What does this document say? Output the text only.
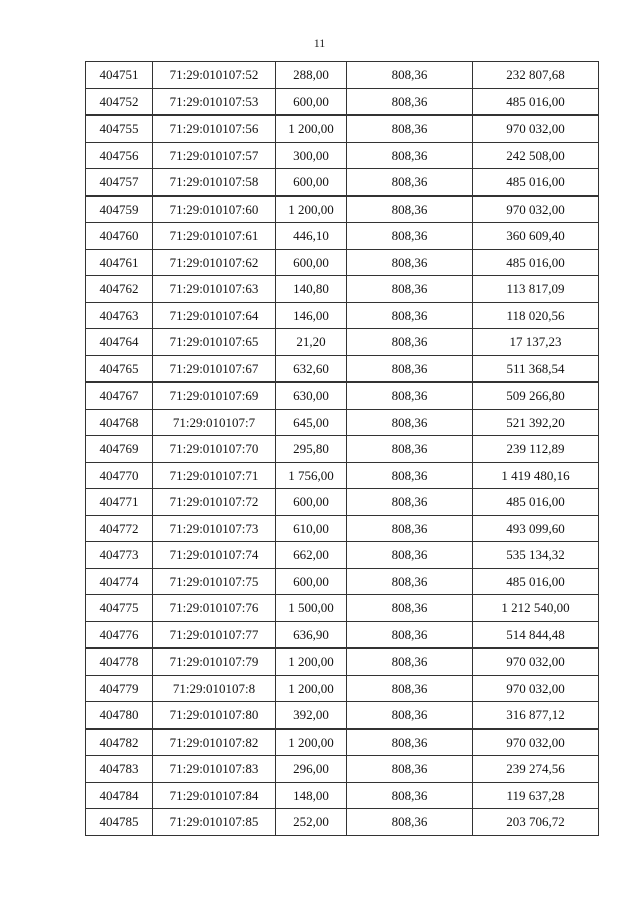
11
404751	71:29:010107:52	288,00	808,36	232 807,68
404752	71:29:010107:53	600,00	808,36	485 016,00
404755	71:29:010107:56	1 200,00	808,36	970 032,00
404756	71:29:010107:57	300,00	808,36	242 508,00
404757	71:29:010107:58	600,00	808,36	485 016,00
404759	71:29:010107:60	1 200,00	808,36	970 032,00
404760	71:29:010107:61	446,10	808,36	360 609,40
404761	71:29:010107:62	600,00	808,36	485 016,00
404762	71:29:010107:63	140,80	808,36	113 817,09
404763	71:29:010107:64	146,00	808,36	118 020,56
404764	71:29:010107:65	21,20	808,36	17 137,23
404765	71:29:010107:67	632,60	808,36	511 368,54
404767	71:29:010107:69	630,00	808,36	509 266,80
404768	71:29:010107:7	645,00	808,36	521 392,20
404769	71:29:010107:70	295,80	808,36	239 112,89
404770	71:29:010107:71	1 756,00	808,36	1 419 480,16
404771	71:29:010107:72	600,00	808,36	485 016,00
404772	71:29:010107:73	610,00	808,36	493 099,60
404773	71:29:010107:74	662,00	808,36	535 134,32
404774	71:29:010107:75	600,00	808,36	485 016,00
404775	71:29:010107:76	1 500,00	808,36	1 212 540,00
404776	71:29:010107:77	636,90	808,36	514 844,48
404778	71:29:010107:79	1 200,00	808,36	970 032,00
404779	71:29:010107:8	1 200,00	808,36	970 032,00
404780	71:29:010107:80	392,00	808,36	316 877,12
404782	71:29:010107:82	1 200,00	808,36	970 032,00
404783	71:29:010107:83	296,00	808,36	239 274,56
404784	71:29:010107:84	148,00	808,36	119 637,28
404785	71:29:010107:85	252,00	808,36	203 706,72
